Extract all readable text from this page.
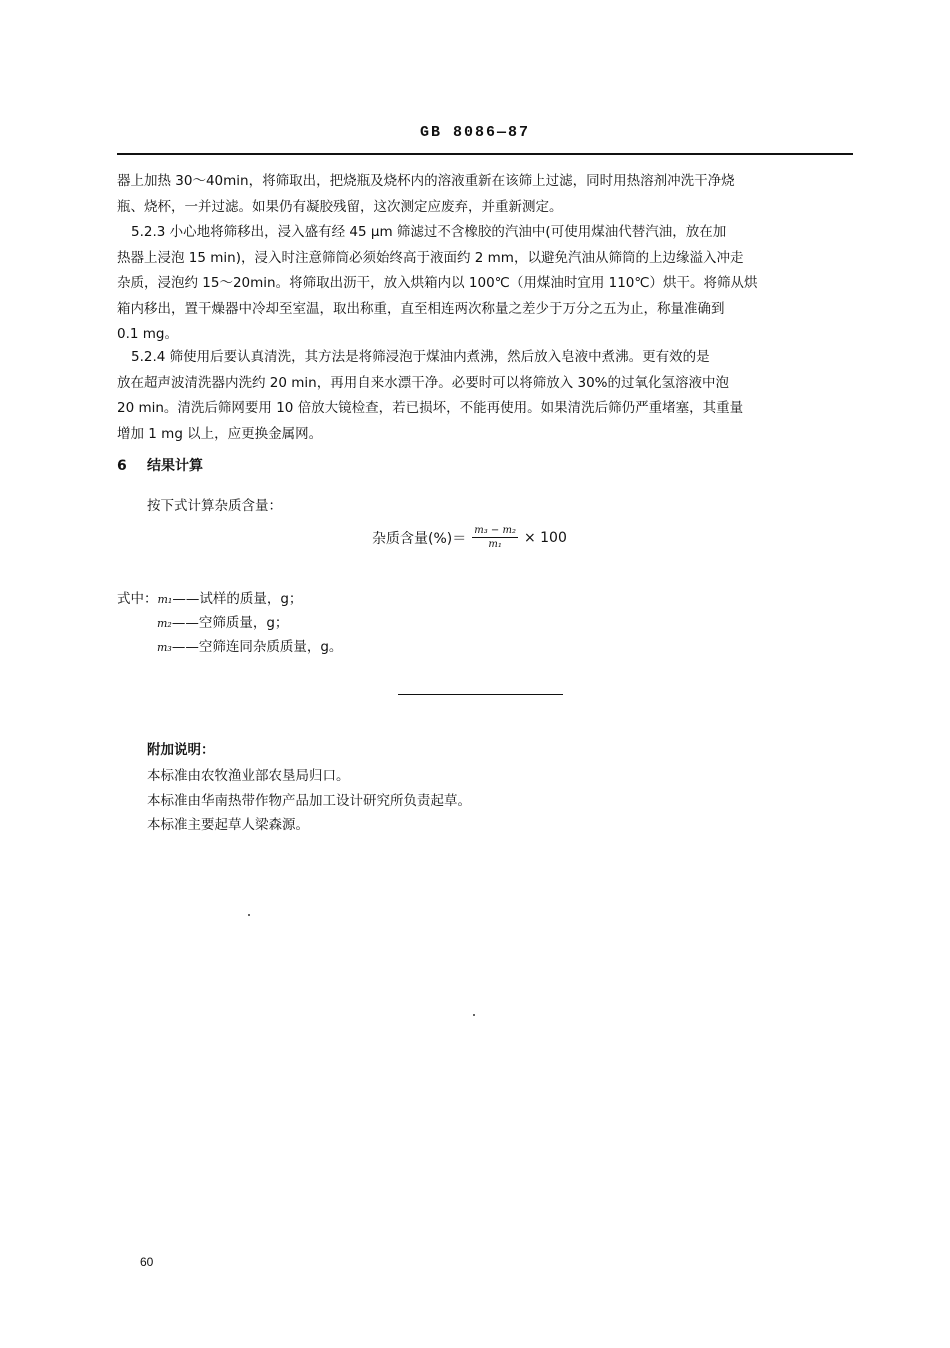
GB 8086—87
器上加热 30～40min，将筛取出，把烧瓶及烧杯内的溶液重新在该筛上过滤，同时用热溶剂冲洗干净烧
瓶、烧杯，一并过滤。如果仍有凝胶残留，这次测定应废弃，并重新测定。
5.2.3 小心地将筛移出，浸入盛有经 45 μm 筛滤过不含橡胶的汽油中(可使用煤油代替汽油，放在加
热器上浸泡 15 min)，浸入时注意筛筒必须始终高于液面约 2 mm，以避免汽油从筛筒的上边缘溢入冲走
杂质，浸泡约 15～20min。将筛取出沥干，放入烘箱内以 100℃（用煤油时宜用 110℃）烘干。将筛从烘
箱内移出，置干燥器中冷却至室温，取出称重，直至相连两次称量之差少于万分之五为止，称量准确到
0.1 mg。
5.2.4 筛使用后要认真清洗，其方法是将筛浸泡于煤油内煮沸，然后放入皂液中煮沸。更有效的是
放在超声波清洗器内洗约 20 min，再用自来水漂干净。必要时可以将筛放入 30%的过氧化氢溶液中泡
20 min。清洗后筛网要用 10 倍放大镜检查，若已损坏，不能再使用。如果清洗后筛仍严重堵塞，其重量
增加 1 mg 以上，应更换金属网。
6 结果计算
按下式计算杂质含量：
杂质含量(%)＝ $\frac{\text{m₃ − m₂}}{\text{m₁}} \times 100$
式中：m₁——试样的质量，g；
m₂——空筛质量，g；
m₃——空筛连同杂质质量，g。
附加说明：
本标准由农牧渔业部农垦局归口。
本标准由华南热带作物产品加工设计研究所负责起草。
本标准主要起草人梁森源。
60
